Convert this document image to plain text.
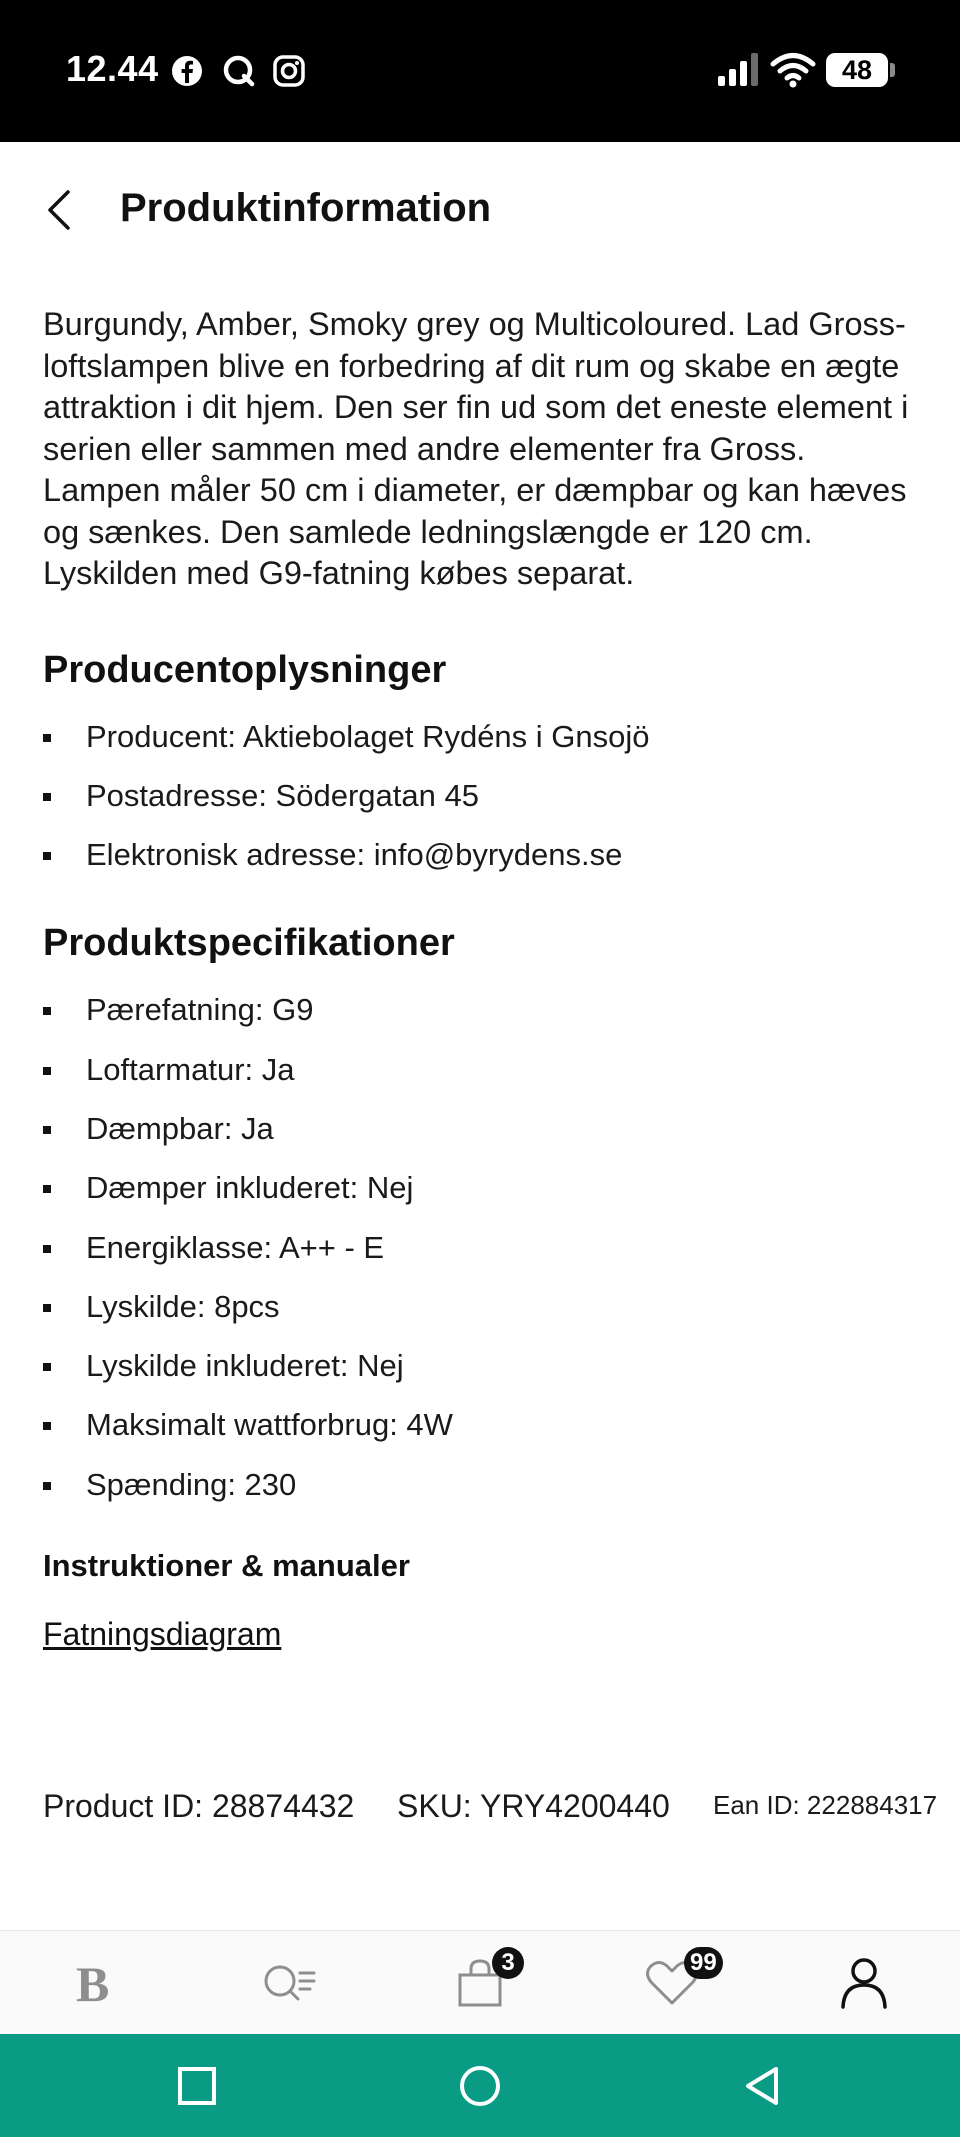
12.44	48
Produktinformation

Burgundy, Amber, Smoky grey og Multicoloured. Lad Gross-loftslampen blive en forbedring af dit rum og skabe en ægte attraktion i dit hjem. Den ser fin ud som det eneste element i serien eller sammen med andre elementer fra Gross. Lampen måler 50 cm i diameter, er dæmpbar og kan hæves og sænkes. Den samlede ledningslængde er 120 cm. Lyskilden med G9-fatning købes separat.

Producentoplysninger
Producent: Aktiebolaget Rydéns i Gnsojö
Postadresse: Södergatan 45
Elektronisk adresse: info@byrydens.se
Produktspecifikationer
Pærefatning: G9
Loftarmatur: Ja
Dæmpbar: Ja
Dæmper inkluderet: Nej
Energiklasse: A++ - E
Lyskilde: 8pcs
Lyskilde inkluderet: Nej
Maksimalt wattforbrug: 4W
Spænding: 230
Instruktioner & manualer
Fatningsdiagram
Product ID: 28874432 SKU: YRY4200440 Ean ID: 222884317
B	3	99
